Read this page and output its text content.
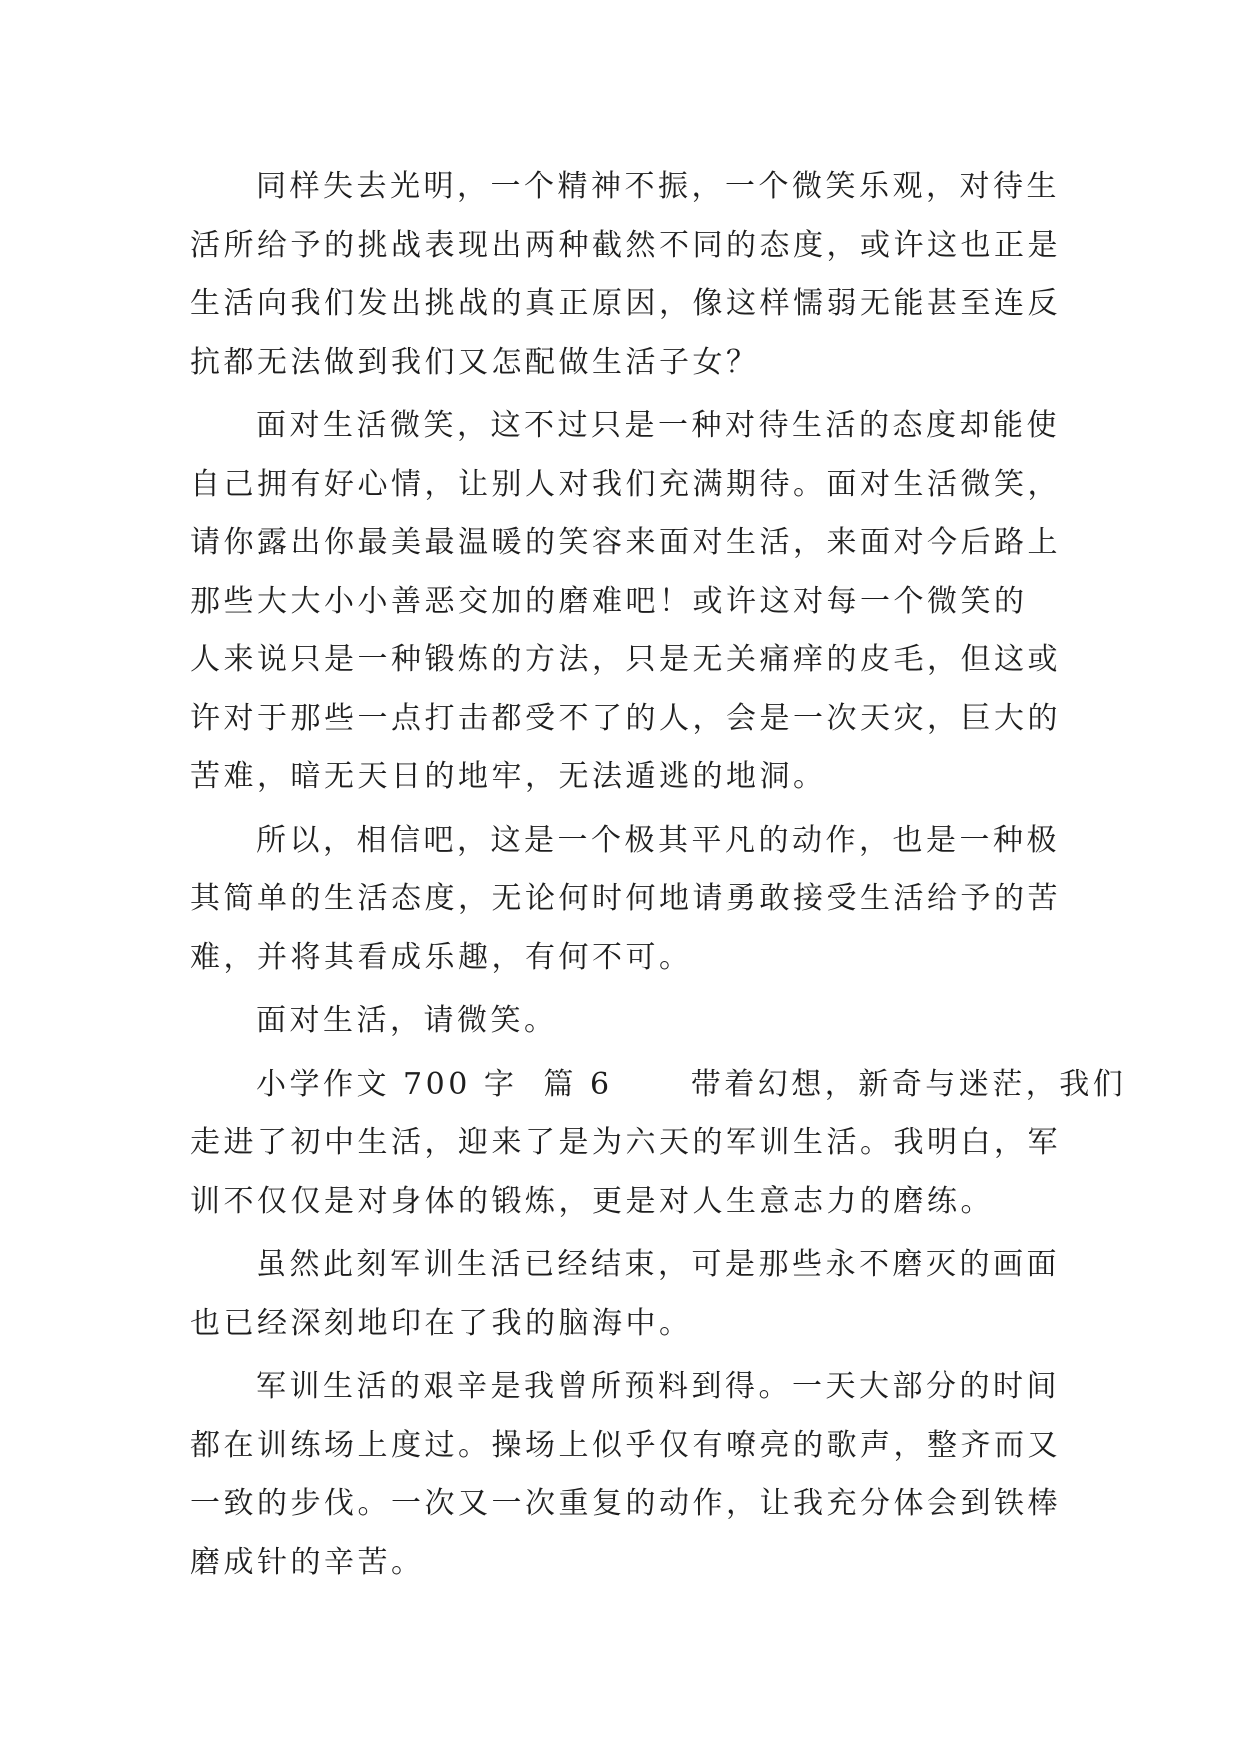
同样失去光明，一个精神不振，一个微笑乐观，对待生
活所给予的挑战表现出两种截然不同的态度，或许这也正是
生活向我们发出挑战的真正原因，像这样懦弱无能甚至连反
抗都无法做到我们又怎配做生活子女？
面对生活微笑，这不过只是一种对待生活的态度却能使
自己拥有好心情，让别人对我们充满期待。面对生活微笑，
请你露出你最美最温暖的笑容来面对生活，来面对今后路上
那些大大小小善恶交加的磨难吧！或许这对每一个微笑的
人来说只是一种锻炼的方法，只是无关痛痒的皮毛，但这或
许对于那些一点打击都受不了的人，会是一次天灾，巨大的
苦难，暗无天日的地牢，无法遁逃的地洞。
所以，相信吧，这是一个极其平凡的动作，也是一种极
其简单的生活态度，无论何时何地请勇敢接受生活给予的苦
难，并将其看成乐趣，有何不可。
面对生活，请微笑。
小学作文 700 字  篇 6      带着幻想，新奇与迷茫，我们
走进了初中生活，迎来了是为六天的军训生活。我明白，军
训不仅仅是对身体的锻炼，更是对人生意志力的磨练。
虽然此刻军训生活已经结束，可是那些永不磨灭的画面
也已经深刻地印在了我的脑海中。
军训生活的艰辛是我曾所预料到得。一天大部分的时间
都在训练场上度过。操场上似乎仅有嘹亮的歌声，整齐而又
一致的步伐。一次又一次重复的动作，让我充分体会到铁棒
磨成针的辛苦。
